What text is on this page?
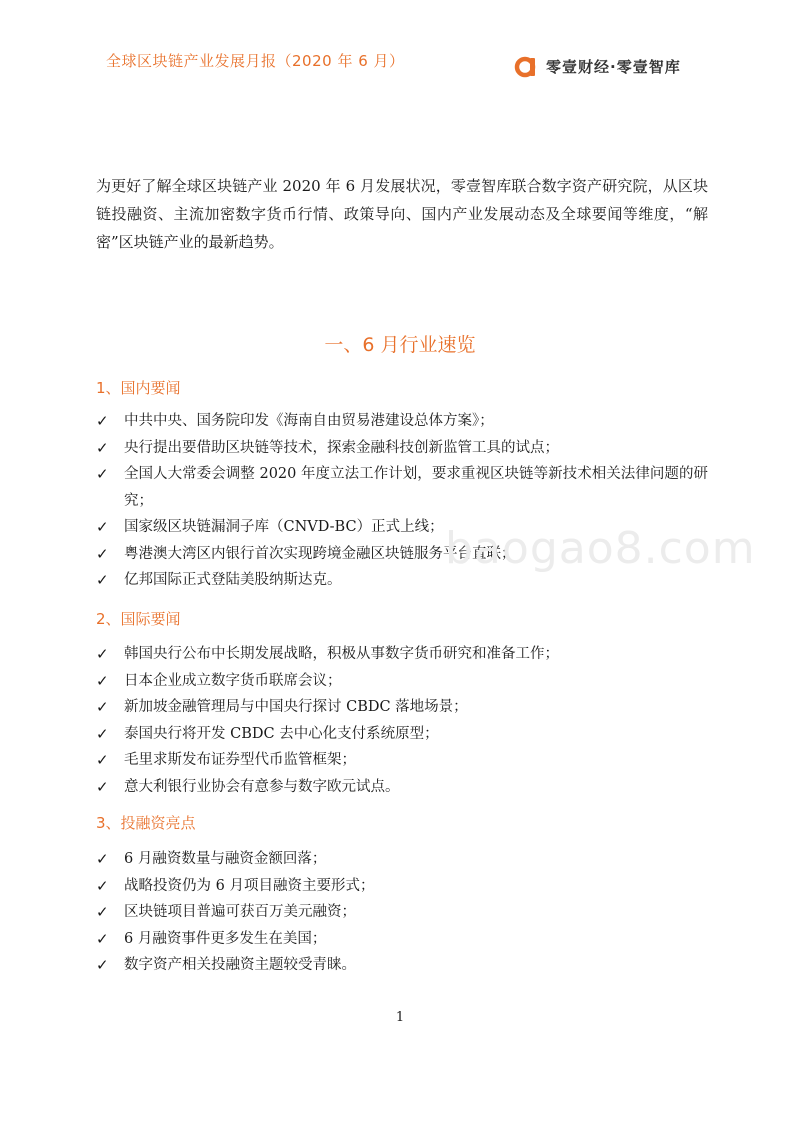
全球区块链产业发展月报（2020 年 6 月）	零壹财经·零壹智库
为更好了解全球区块链产业 2020 年 6 月发展状况，零壹智库联合数字资产研究院，从区块链投融资、主流加密数字货币行情、政策导向、国内产业发展动态及全球要闻等维度，“解密”区块链产业的最新趋势。
一、6 月行业速览
1、国内要闻
✓ 中共中央、国务院印发《海南自由贸易港建设总体方案》；
✓ 央行提出要借助区块链等技术，探索金融科技创新监管工具的试点；
✓ 全国人大常委会调整 2020 年度立法工作计划，要求重视区块链等新技术相关法律问题的研究；
✓ 国家级区块链漏洞子库（CNVD-BC）正式上线；
✓ 粤港澳大湾区内银行首次实现跨境金融区块链服务平台直联；
✓ 亿邦国际正式登陆美股纳斯达克。
2、国际要闻
✓ 韩国央行公布中长期发展战略，积极从事数字货币研究和准备工作；
✓ 日本企业成立数字货币联席会议；
✓ 新加坡金融管理局与中国央行探讨 CBDC 落地场景；
✓ 泰国央行将开发 CBDC 去中心化支付系统原型；
✓ 毛里求斯发布证券型代币监管框架；
✓ 意大利银行业协会有意参与数字欧元试点。
3、投融资亮点
✓ 6 月融资数量与融资金额回落；
✓ 战略投资仍为 6 月项目融资主要形式；
✓ 区块链项目普遍可获百万美元融资；
✓ 6 月融资事件更多发生在美国；
✓ 数字资产相关投融资主题较受青睐。
baogao8.com
1
